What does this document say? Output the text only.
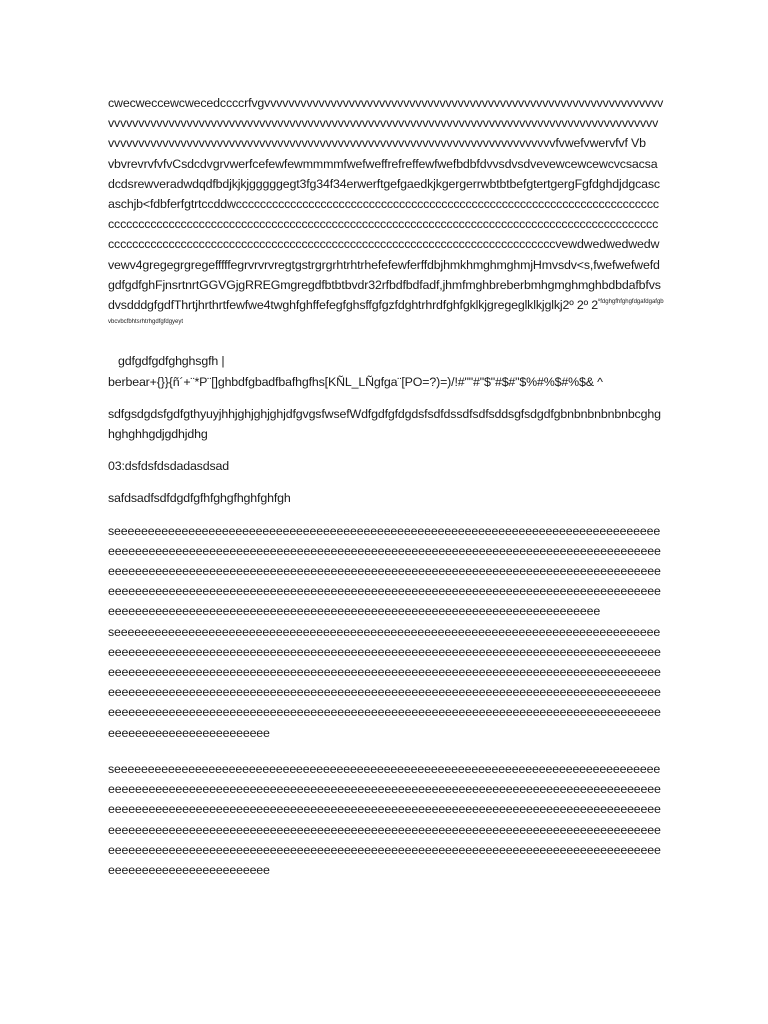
cwecweccewcwecedccccrfvgvvvvvvvvvvvvvvvvvvvvvvvvvvvvvvvvvvvvvvvvvvvvvvvvvvvvvvvvvvvvvvvvvvvvvvvvvvvvvvvvvvvvvvvvvvvvvvvvvvvvvvvvvvvvvvvvvvvvvvvvvvvvvvvvvvvvvvvvvvvvvvvvvvvvvvvvvvvvvvvvvvvvvvvvvvvvvvvvvvvvvvvvvvvvvvvvvvvvvvvvvvvvvvvvvvvvvvvvvvvvvvvvvvvvvvvfvwefvwervfvf Vb

vbvrevrvfvfvCsdcdvgrvwerfcefewfewmmmmfwefweffrefreffewfwefbdbfdvvsdvsdvevewcewcewcvcsacsadcdsrewveradwdqdfbdjkjkjgggggegt3fg34f34erwerftgefgaedkjkgergerrwbtbtbefgtertgergFgfdghdjdgcascaschjb<fdbferfgtrtccddwcccccccccccccccccccccccccccccccccccccccccccccccccccccccccccccccccccccccccccccccccccccccccccccccccccccccccccccccccccccccccccccccccccccccccccccccccccccccccccccccccccccccccccccccccccccccccccccccccccccccccccccccccccccccccccccccccccccccccccvewdwedwedwedwvewv4gregegrgregefffffegrvrvrvregtgstrgrgrhtrhtrhefefewferffdbjhmkhmghmghmjHmvsdv<s,fwefwefwefdgdfgdfghFjnsrtnrtGGVGjgRREGmgregdfbtbtbvdr32rfbdfbdfadf,jhmfmghbreberbmhgmghmghbdbdafbfvsdvsdddgfgdfThrtjhrthrtfewfwe4twghfghffefegfghsffgfgzfdghtrhrdfghfgklkjgregeglklkjglkj2º 2º $2^{ºfdghgfhfghgfdgafdgafgbvbcvbcfbhtsrhtrhgdfgfdgyeyt}$

gdfgdfgdfghghsgfh |

berbear+{}}{ñ´+¨*P¨[]ghbdfgbadfbafhgfhs[KÑL_LÑgfga¨[PO=?)=)/!#""#"$"#$#"$%#%$#%$& ^

sdfgsdgdsfgdfgthyuyjhhjghjghjghjdfgvgsfwsefWdfgdfgfdgdsfsdfdssdfsdfsddsgfsdgdfgbnbnbnbnbnbcghghghghhgdjgdhjdhg

03:dsfdsfdsdadasdsad

safdsadfsdfdgdfgfhfghgfhghfghfgh

seeeeeeeeeeeeeeeeeeeeeeeeeeeeeeeeeeeeeeeeeeeeeeeeeeeeeeeeeeeeeeeeeeeeeeeeeeeeeeeeeeeeeeeeeeeeeeeeeeeeeeeeeeeeeeeeeeeeeeeeeeeeeeeeeeeeeeeeeeeeeeeeeeeeeeeeeeeeeeeeeeeeeeeeeeeeeeeeeeeeeeeeeeeeeeeeeeeeeeeeeeeeeeeeeeeeeeeeeeeeeeeeeeeeeeeeeeeeeeeeeeeeeeeeeeeeeeeeeeeeeeeeeeeeeeeeeeeeeeeeeeeeeeeeeeeeeeeeeeeeeeeeeeeeeeeeeeeeeeeeeeeeeeeeeeeeeeeeeeeeeeeeeeeeeeeeeeeeeeeeeeeeeeeeeeeeeeeeeeeeeeeeeeeeeeeeeeeeeeee

seeeeeeeeeeeeeeeeeeeeeeeeeeeeeeeeeeeeeeeeeeeeeeeeeeeeeeeeeeeeeeeeeeeeeeeeeeeeeeeeeeeeeeeeeeeeeeeeeeeeeeeeeeeeeeeeeeeeeeeeeeeeeeeeeeeeeeeeeeeeeeeeeeeeeeeeeeeeeeeeeeeeeeeeeeeeeeeeeeeeeeeeeeeeeeeeeeeeeeeeeeeeeeeeeeeeeeeeeeeeeeeeeeeeeeeeeeeeeeeeeeeeeeeeeeeeeeeeeeeeeeeeeeeeeeeeeeeeeeeeeeeeeeeeeeeeeeeeeeeeeeeeeeeeeeeeeeeeeeeeeeeeeeeeeeeeeeeeeeeeeeeeeeeeeeeeeeeeeeeeeeeeeeeeeeeeeeeeeeeeeeeeeeeeeeeeeeeeeeeeeeeeeeeeeeeeeeeeeeeeeeeeeeeeeeeee

seeeeeeeeeeeeeeeeeeeeeeeeeeeeeeeeeeeeeeeeeeeeeeeeeeeeeeeeeeeeeeeeeeeeeeeeeeeeeeeeeeeeeeeeeeeeeeeeeeeeeeeeeeeeeeeeeeeeeeeeeeeeeeeeeeeeeeeeeeeeeeeeeeeeeeeeeeeeeeeeeeeeeeeeeeeeeeeeeeeeeeeeeeeeeeeeeeeeeeeeeeeeeeeeeeeeeeeeeeeeeeeeeeeeeeeeeeeeeeeeeeeeeeeeeeeeeeeeeeeeeeeeeeeeeeeeeeeeeeeeeeeeeeeeeeeeeeeeeeeeeeeeeeeeeeeeeeeeeeeeeeeeeeeeeeeeeeeeeeeeeeeeeeeeeeeeeeeeeeeeeeeeeeeeeeeeeeeeeeeeeeeeeeeeeeeeeeeeeeeeeeeeeeeeeeeeeeeeeeeeeeeeeeeeeeeee
